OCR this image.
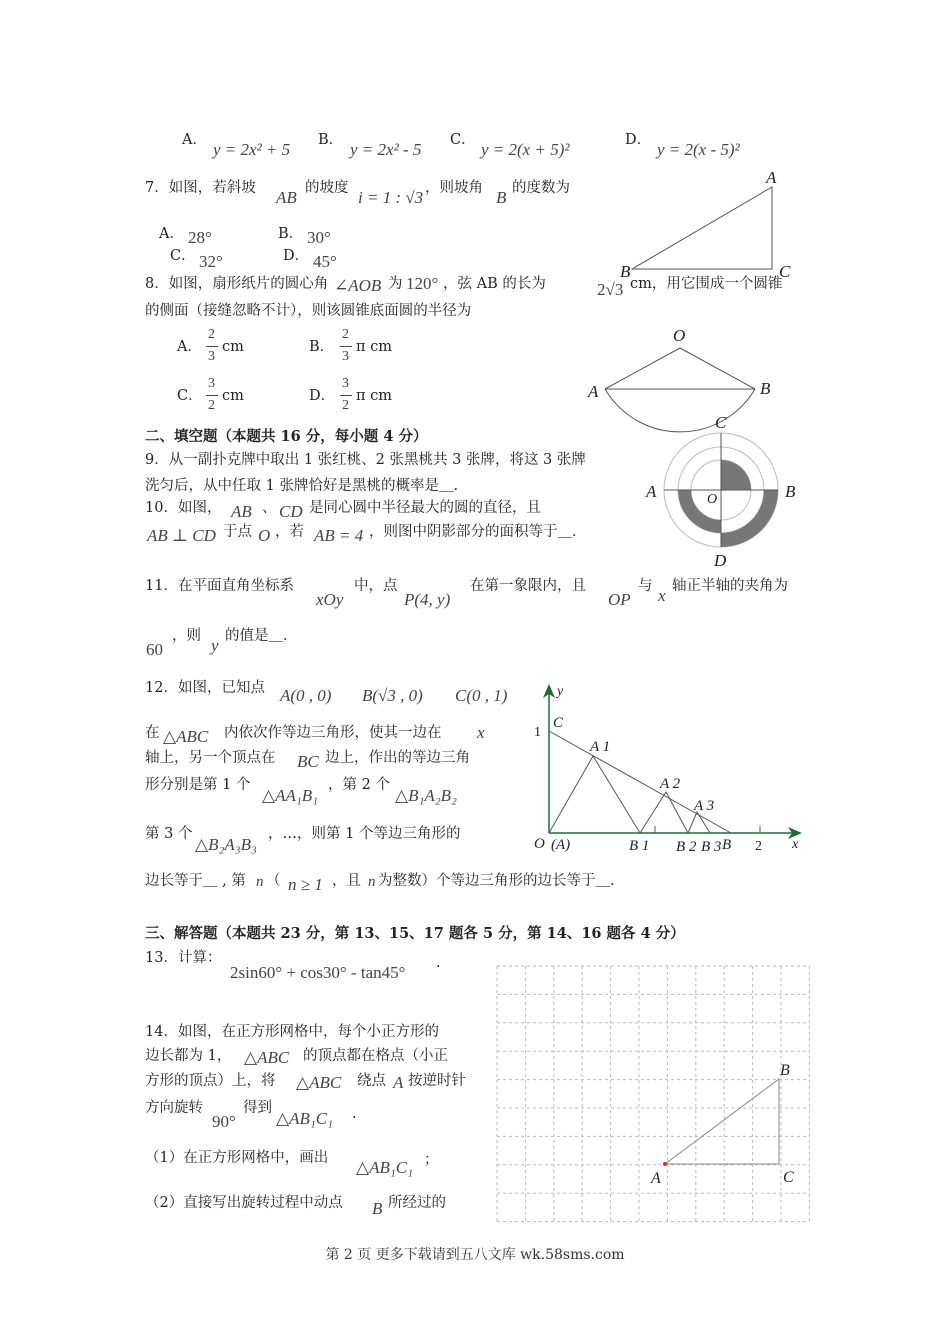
A． y = 2x² + 5 B． y = 2x² - 5 C． y = 2(x + 5)²	D． y = 2(x - 5)²
7．如图，若斜坡 AB 的坡度 i = 1 : √3 ，则坡角 B 的度数为
A． 28°	B． 30°
C． 32°	D． 45°
A
B	C
8．如图，扇形纸片的圆心角 ∠AOB 为 120° ，弦 AB 的长为	2√3 cm，用它围成一个圆锥
的侧面（接缝忽略不计），则该圆锥底面圆的半径为
A．
2
3
cm	B．
2
3
π cm
C．
3
2
cm	D．
3
2
π cm
O
A	B
二、填空题（本题共 16 分，每小题 4 分）
9．从一副扑克牌中取出 1 张红桃、2 张黑桃共 3 张牌，将这 3 张牌
洗匀后，从中任取 1 张牌恰好是黑桃的概率是＿.
10．如图， AB 、 CD 是同心圆中半径最大的圆的直径，且
AB ⊥ CD 于点 O ，若 AB = 4 ，则图中阴影部分的面积等于＿．
C
A	B
D
O
11．在平面直角坐标系
xOy
中，点
P(4, y)
在第一象限内，且
OP
与 x 轴正半轴的夹角为
60
，则 y 的值是＿．
12．如图，已知点 A(0 , 0) B(√3 , 0) C(0 , 1)
在 △ABC 内依次作等边三角形，使其一边在 x
轴上，另一个顶点在 BC 边上，作出的等边三角
形分别是第 1 个
△AA₁B₁
，第 2 个
△B₁A₂B₂
第 3 个
△B₂A₃B₃
，…，则第 1 个等边三角形的
边长等于＿ , 第 n （ n ≥ 1 ，且 n 为整数）个等边三角形的边长等于＿.
y
x
1
2
C
O (A)
A 1
A 2
A 3
B 1 B 2 B 3 B
三、解答题（本题共 23 分，第 13、15、17 题各 5 分，第 14、16 题各 4 分）
13．计算：
2sin60° + cos30° - tan45° .
14．如图，在正方形网格中，每个小正方形的
边长都为 1， △ABC 的顶点都在格点（小正
方形的顶点）上，将 △ABC 绕点 A 按逆时针
方向旋转
90°
得到
△AB₁C₁ .
（1）在正方形网格中，画出 △AB₁C₁ ；
（2）直接写出旋转过程中动点 B 所经过的
A
B
C
第 2 页 更多下载请到五八文库 wk.58sms.com
